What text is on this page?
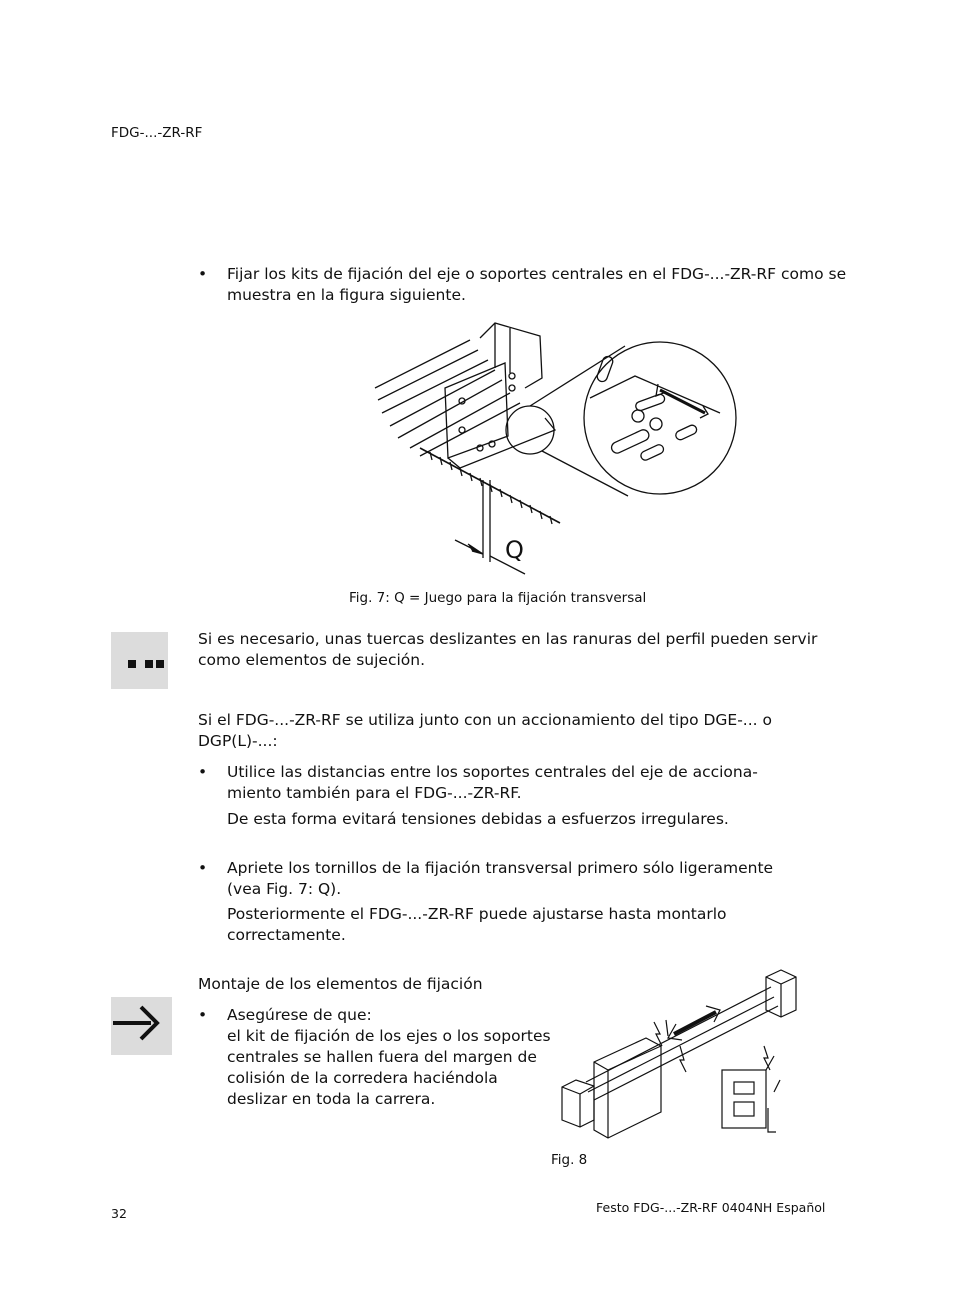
FDG-...-ZR-RF
•	Fijar los kits de fijación del eje o soportes centrales en el FDG-...-ZR-RF como se
muestra en la figura siguiente.
Q
Fig. 7: Q = Juego para la fijación transversal
Si es necesario, unas tuercas deslizantes en las ranuras del perfil pueden servir
como elementos de sujeción.
Si el FDG-...-ZR-RF se utiliza junto con un accionamiento del tipo DGE-... o
DGP(L)-...:
•	Utilice las distancias entre los soportes centrales del eje de acciona-
miento también para el FDG-...-ZR-RF.
De esta forma evitará tensiones debidas a esfuerzos irregulares.
•	Apriete los tornillos de la fijación transversal primero sólo ligeramente
(vea Fig. 7: Q).
Posteriormente el FDG-...-ZR-RF puede ajustarse hasta montarlo
correctamente.
Montaje de los elementos de fijación
•	Asegúrese de que:
el kit de fijación de los ejes o los soportes
centrales se hallen fuera del margen de
colisión de la corredera haciéndola
deslizar en toda la carrera.
Fig. 8
32	Festo FDG-...-ZR-RF 0404NH Español
